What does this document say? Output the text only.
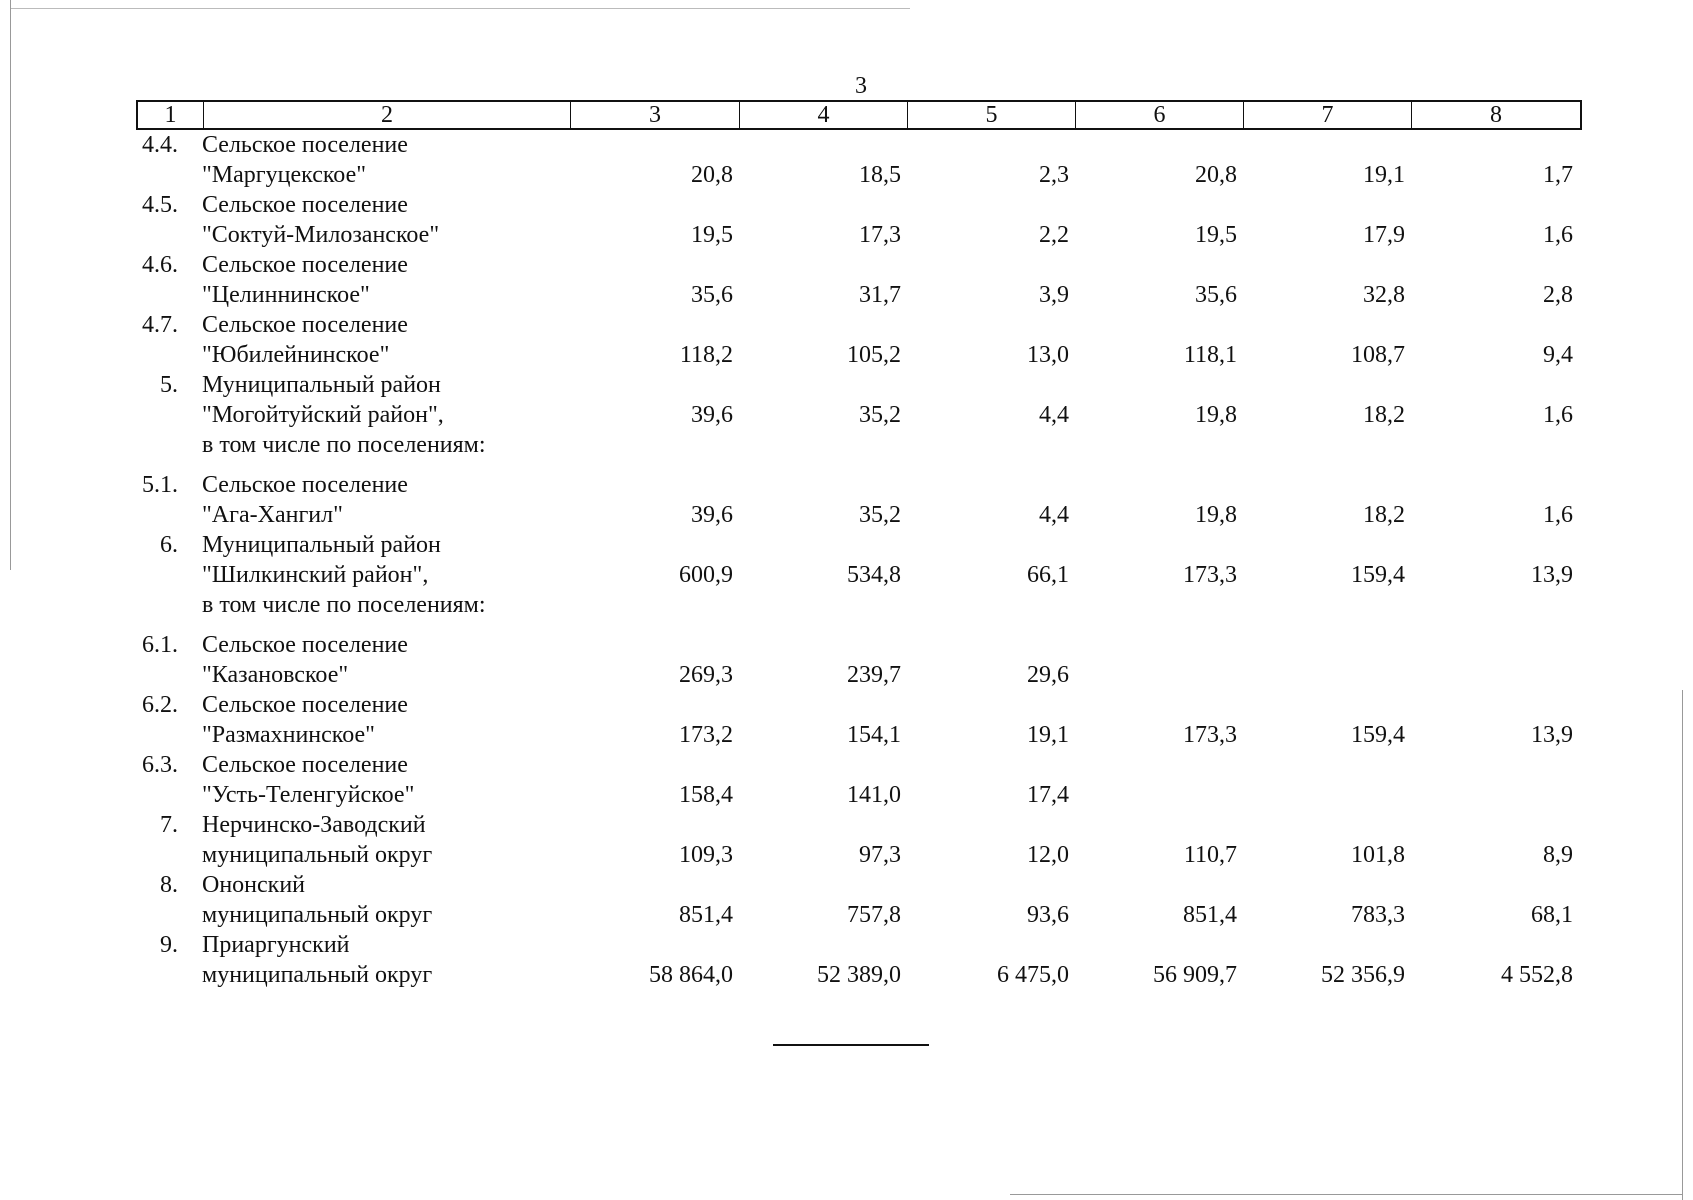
3
1	2	3	4	5	6	7	8
4.4. Сельское поселение
"Маргуцекское"	20,8	18,5	2,3	20,8	19,1	1,7
4.5. Сельское поселение
"Соктуй-Милозанское"	19,5	17,3	2,2	19,5	17,9	1,6
4.6. Сельское поселение
"Целиннинское"	35,6	31,7	3,9	35,6	32,8	2,8
4.7. Сельское поселение
"Юбилейнинское"	118,2	105,2	13,0	118,1	108,7	9,4
5. Муниципальный район
"Могойтуйский район",
в том числе по поселениям:
39,6	35,2	4,4	19,8	18,2	1,6
5.1. Сельское поселение
"Ага-Хангил"	39,6	35,2	4,4	19,8	18,2	1,6
6. Муниципальный район
"Шилкинский район",
в том числе по поселениям:
600,9	534,8	66,1	173,3	159,4	13,9
6.1. Сельское поселение
"Казановское"	269,3	239,7	29,6
6.2. Сельское поселение
"Размахнинское"	173,2	154,1	19,1	173,3	159,4	13,9
6.3. Сельское поселение
"Усть-Теленгуйское"	158,4	141,0	17,4
7. Нерчинско-Заводский
муниципальный округ	109,3	97,3	12,0	110,7	101,8	8,9
8. Ононский
муниципальный округ	851,4	757,8	93,6	851,4	783,3	68,1
9. Приаргунский
муниципальный округ	58 864,0	52 389,0	6 475,0	56 909,7	52 356,9	4 552,8
